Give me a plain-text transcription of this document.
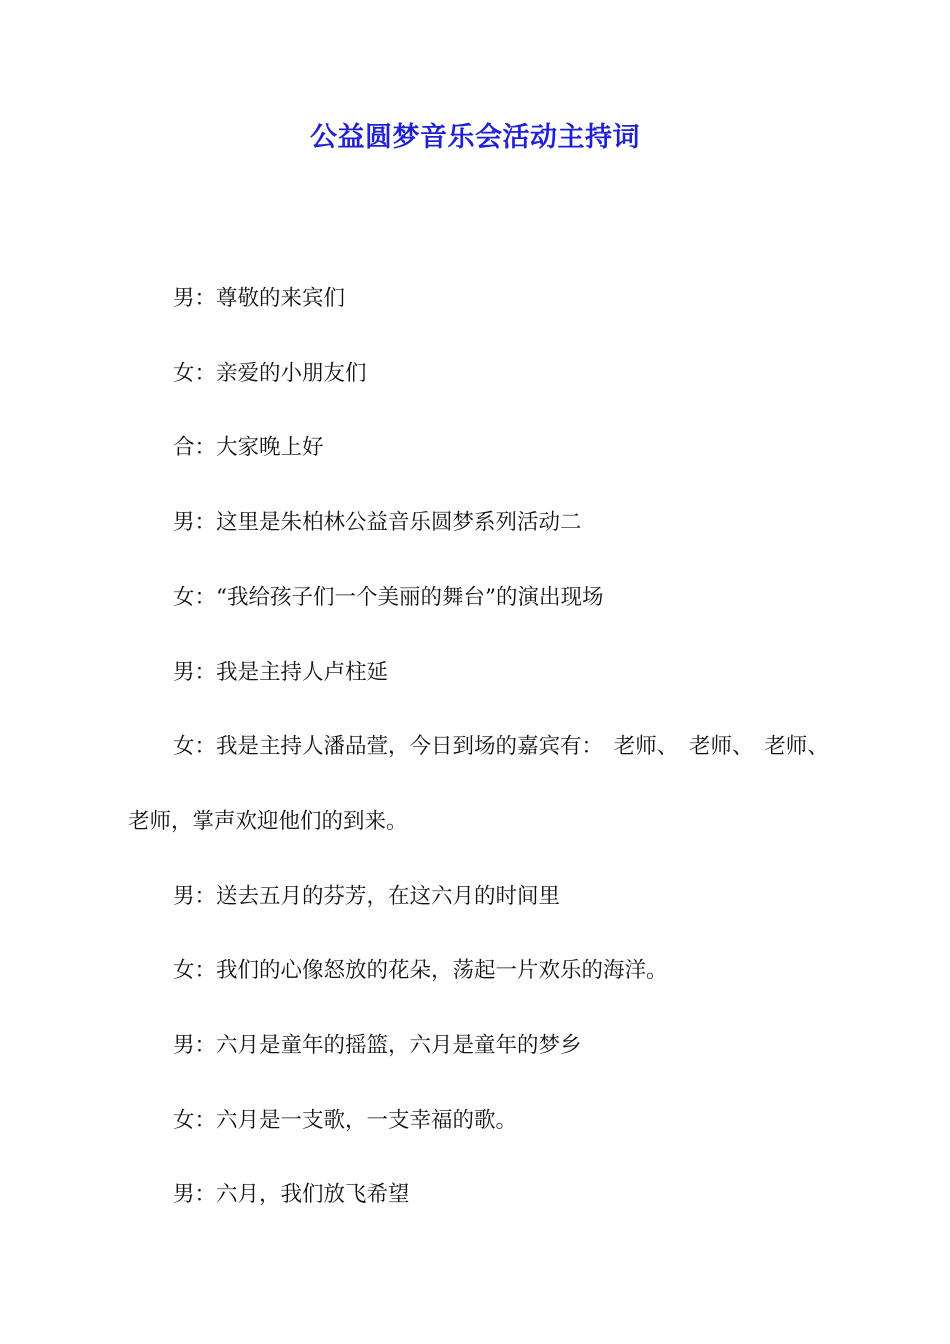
公益圆梦音乐会活动主持词

男：尊敬的来宾们

女：亲爱的小朋友们

合：大家晚上好

男：这里是朱柏林公益音乐圆梦系列活动二

女：“我给孩子们一个美丽的舞台”的演出现场

男：我是主持人卢柱延

女：我是主持人潘品萱，今日到场的嘉宾有：　老师、　老师、　老师、　老师，掌声欢迎他们的到来。

男：送去五月的芬芳，在这六月的时间里

女：我们的心像怒放的花朵，荡起一片欢乐的海洋。

男：六月是童年的摇篮，六月是童年的梦乡

女：六月是一支歌，一支幸福的歌。

男：六月，我们放飞希望
